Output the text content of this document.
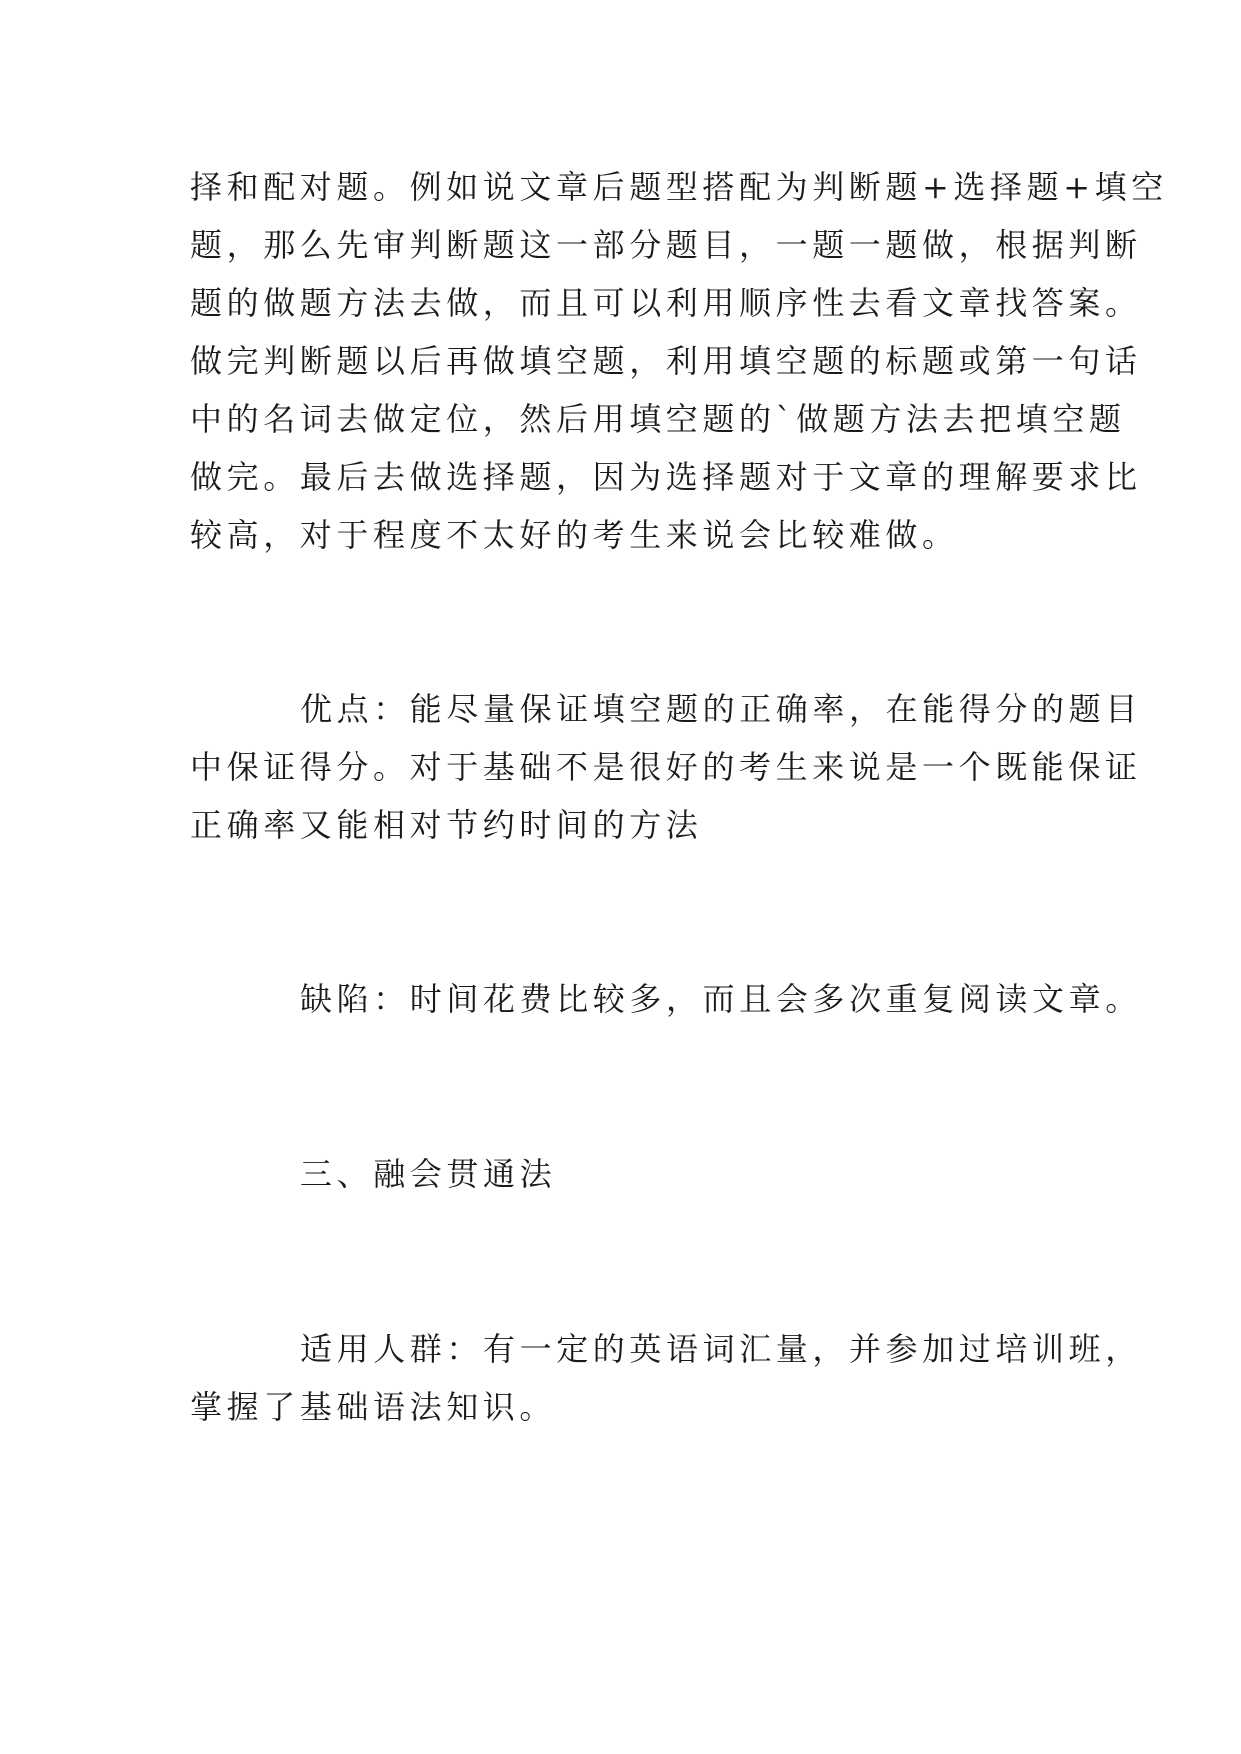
择和配对题。例如说文章后题型搭配为判断题+选择题+填空
题，那么先审判断题这一部分题目，一题一题做，根据判断
题的做题方法去做，而且可以利用顺序性去看文章找答案。
做完判断题以后再做填空题，利用填空题的标题或第一句话
中的名词去做定位，然后用填空题的`做题方法去把填空题
做完。最后去做选择题，因为选择题对于文章的理解要求比
较高，对于程度不太好的考生来说会比较难做。
优点：能尽量保证填空题的正确率，在能得分的题目
中保证得分。对于基础不是很好的考生来说是一个既能保证
正确率又能相对节约时间的方法
缺陷：时间花费比较多，而且会多次重复阅读文章。
三、融会贯通法
适用人群：有一定的英语词汇量，并参加过培训班，
掌握了基础语法知识。
